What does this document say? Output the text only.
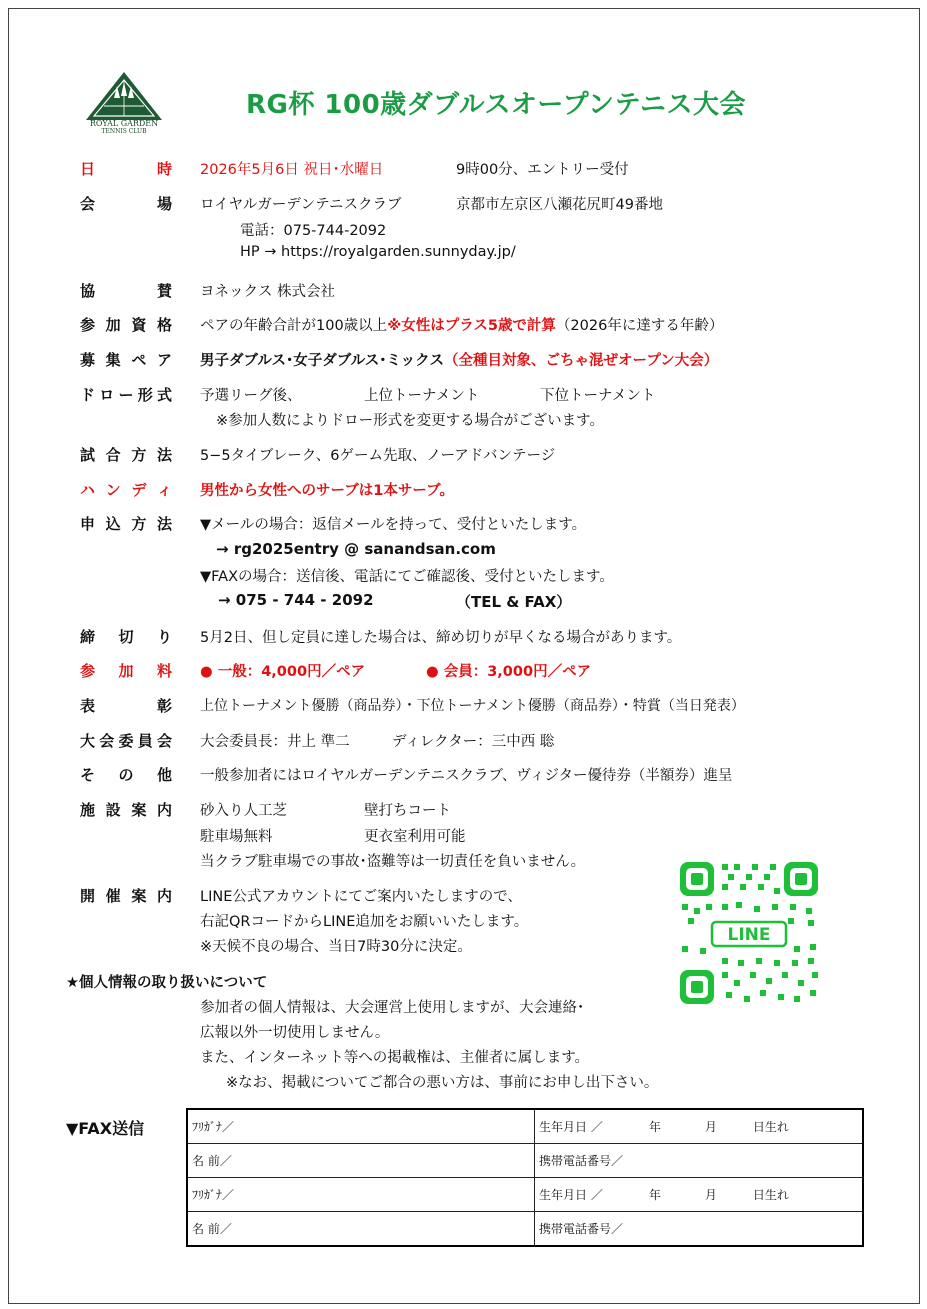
ROYAL GARDEN
TENNIS CLUB
RG杯 100歳ダブルスオープンテニス大会
日	時 2026年5月6日 祝日･水曜日	9時00分、エントリー受付
会	場 ロイヤルガーデンテニスクラブ	京都市左京区八瀬花尻町49番地
電話：075-744-2092
HP → https://royalgarden.sunnyday.jp/
協	賛 ヨネックス 株式会社
参 加 資 格 ペアの年齢合計が100歳以上※女性はプラス5歳で計算（2026年に達する年齢）
募 集 ペ ア 男子ダブルス･女子ダブルス･ミックス（全種目対象、ごちゃ混ぜオープン大会）
ド ロ ー 形 式 予選リーグ後、	上位トーナメント	下位トーナメント
※参加人数によりドロー形式を変更する場合がございます。
試 合 方 法 5−5タイブレーク、6ゲーム先取、ノーアドバンテージ
ハ ン デ ィ 男性から女性へのサーブは1本サーブ。
申 込 方 法 ▼メールの場合：返信メールを持って、受付といたします。
→ rg2025entry @ sanandsan.com
▼FAXの場合：送信後、電話にてご確認後、受付といたします。
→ 075 - 744 - 2092	（TEL & FAX）
締 切 り 5月2日、但し定員に達した場合は、締め切りが早くなる場合があります。
参 加 料 ● 一般：4,000円／ペア	● 会員：3,000円／ペア
表	彰 上位トーナメント優勝（商品券）・下位トーナメント優勝（商品券）・特賞（当日発表）
大 会 委 員 会 大会委員長：井上 準二	ディレクター：三中西 聡
そ の 他 一般参加者にはロイヤルガーデンテニスクラブ、ヴィジター優待券（半額券）進呈
施 設 案 内 砂入り人工芝	壁打ちコート
駐車場無料	更衣室利用可能
当クラブ駐車場での事故･盗難等は一切責任を負いません。
開 催 案 内 LINE公式アカウントにてご案内いたしますので、
右記QRコードからLINE追加をお願いいたします。
※天候不良の場合、当日7時30分に決定。
LINE
★個人情報の取り扱いについて
参加者の個人情報は、大会運営上使用しますが、大会連絡･
広報以外一切使用しません。
また、インターネット等への掲載権は、主催者に属します。
※なお、掲載についてご都合の悪い方は、事前にお申し出下さい。
▼FAX送信	ﾌﾘｶﾞﾅ／	生年月日 ／ 年 月 日生れ
名 前／	携帯電話番号／
ﾌﾘｶﾞﾅ／	生年月日 ／ 年 月 日生れ
名 前／	携帯電話番号／
